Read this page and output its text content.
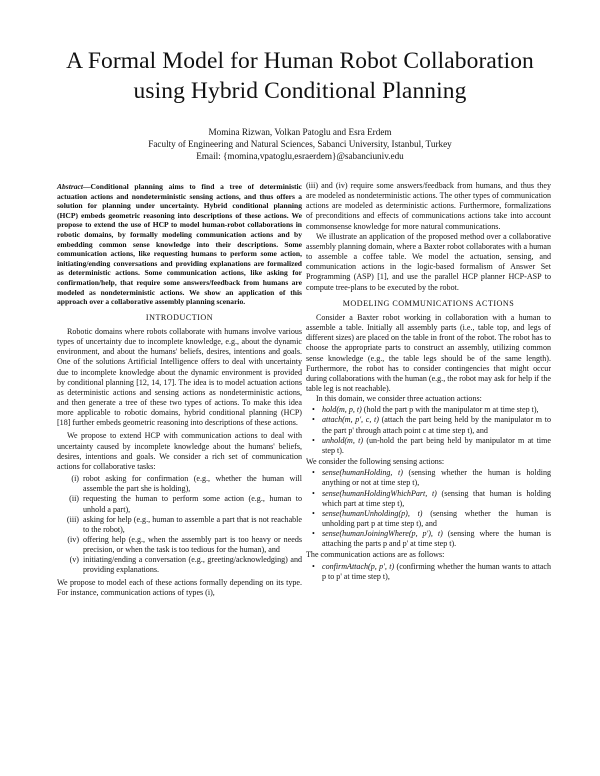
A Formal Model for Human Robot Collaboration
using Hybrid Conditional Planning
Momina Rizwan, Volkan Patoglu and Esra Erdem
Faculty of Engineering and Natural Sciences, Sabanci University, Istanbul, Turkey
Email: {momina,vpatoglu,esraerdem}@sabanciuniv.edu

Abstract—Conditional planning aims to find a tree of deterministic actuation actions and nondeterministic sensing actions, and thus offers a solution for planning under uncertainty. Hybrid conditional planning (HCP) embeds geometric reasoning into descriptions of these actions. We propose to extend the use of HCP to model human-robot collaborations in robotic domains, by formally modeling communication actions and by embedding common sense knowledge into their descriptions. Some communication actions, like requesting humans to perform some action, initiating/ending conversations and providing explanations are formalized as deterministic actions. Some communication actions, like asking for confirmation/help, that require some answers/feedback from humans are modeled as nondeterministic actions. We show an application of this approach over a collaborative assembly planning scenario.

INTRODUCTION

Robotic domains where robots collaborate with humans involve various types of uncertainty due to incomplete knowledge, e.g., about the dynamic environment, and about the humans' beliefs, desires, intentions and goals. One of the solutions Artificial Intelligence offers to deal with uncertainty due to incomplete knowledge about the dynamic environment is provided by conditional planning [12, 14, 17]. The idea is to model actuation actions as deterministic actions and sensing actions as nondeterministic actions, and then generate a tree of these two types of actions. To make this idea more applicable to robotic domains, hybrid conditional planning (HCP) [18] further embeds geometric reasoning into descriptions of these actions.

We propose to extend HCP with communication actions to deal with uncertainty caused by incomplete knowledge about the humans' beliefs, desires, intentions and goals. We consider a rich set of communication actions for collaborative tasks:

(i) robot asking for confirmation (e.g., whether the human will assemble the part she is holding),
(ii) requesting the human to perform some action (e.g., human to unhold a part),
(iii) asking for help (e.g., human to assemble a part that is not reachable to the robot),
(iv) offering help (e.g., when the assembly part is too heavy or needs precision, or when the task is too tedious for the human), and
(v) initiating/ending a conversation (e.g., greeting/acknowledging) and providing explanations.

We propose to model each of these actions formally depending on its type. For instance, communication actions of types (i),

(iii) and (iv) require some answers/feedback from humans, and thus they are modeled as nondeterministic actions. The other types of communication actions are modeled as deterministic actions. Furthermore, formalizations of preconditions and effects of communications actions take into account commonsense knowledge for more natural communications.

We illustrate an application of the proposed method over a collaborative assembly planning domain, where a Baxter robot collaborates with a human to assemble a coffee table. We model the actuation, sensing, and communication actions in the logic-based formalism of Answer Set Programming (ASP) [1], and use the parallel HCP planner HCP-ASP to compute tree-plans to be executed by the robot.

MODELING COMMUNICATIONS ACTIONS

Consider a Baxter robot working in collaboration with a human to assemble a table. Initially all assembly parts (i.e., table top, and legs of different sizes) are placed on the table in front of the robot. The robot has to choose the appropriate parts to construct an assembly, utilizing common sense knowledge (e.g., the table legs should be of the same length). Furthermore, the robot has to consider contingencies that might occur during collaborations with the human (e.g., the robot may ask for help if the table leg is not reachable).

In this domain, we consider three actuation actions:

• hold(m, p, t) (hold the part p with the manipulator m at time step t),
• attach(m, p', c, t) (attach the part being held by the manipulator m to the part p' through attach point c at time step t), and
• unhold(m, t) (un-hold the part being held by manipulator m at time step t).

We consider the following sensing actions:

• sense(humanHolding, t) (sensing whether the human is holding anything or not at time step t),
• sense(humanHoldingWhichPart, t) (sensing that human is holding which part at time step t),
• sense(humanUnholding(p), t) (sensing whether the human is unholding part p at time step t), and
• sense(humanJoiningWhere(p, p'), t) (sensing where the human is attaching the parts p and p' at time step t).

The communication actions are as follows:

• confirmAttach(p, p', t) (confirming whether the human wants to attach p to p' at time step t),
